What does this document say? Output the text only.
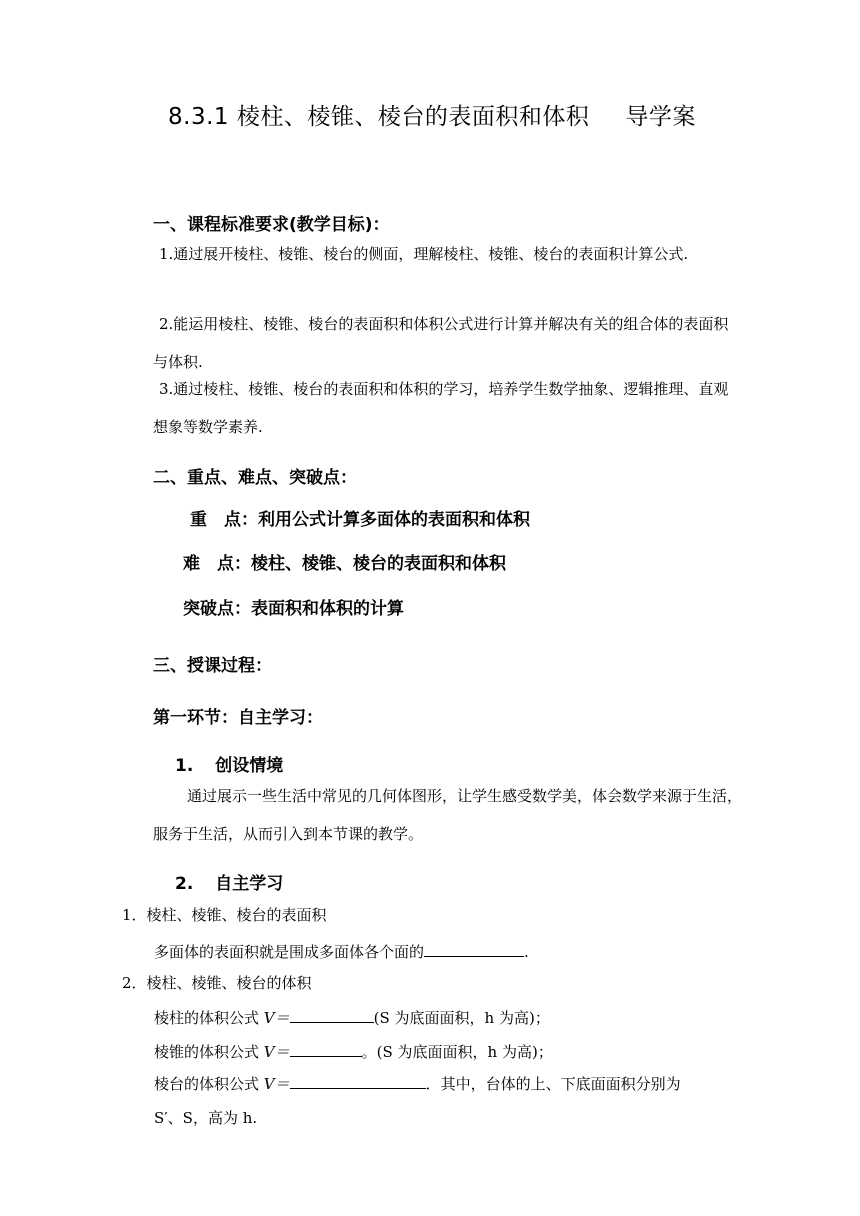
8.3.1 棱柱、棱锥、棱台的表面积和体积 导学案
一、课程标准要求(教学目标)：
1.通过展开棱柱、棱锥、棱台的侧面，理解棱柱、棱锥、棱台的表面积计算公式.
2.能运用棱柱、棱锥、棱台的表面积和体积公式进行计算并解决有关的组合体的表面积与体积.
3.通过棱柱、棱锥、棱台的表面积和体积的学习，培养学生数学抽象、逻辑推理、直观想象等数学素养.
二、重点、难点、突破点：
重　点：利用公式计算多面体的表面积和体积
难　点：棱柱、棱锥、棱台的表面积和体积
突破点：表面积和体积的计算
三、授课过程：
第一环节：自主学习：
1. 创设情境
通过展示一些生活中常见的几何体图形，让学生感受数学美，体会数学来源于生活，服务于生活，从而引入到本节课的教学。
2. 自主学习
1．棱柱、棱锥、棱台的表面积
多面体的表面积就是围成多面体各个面的	.
2．棱柱、棱锥、棱台的体积
棱柱的体积公式 V＝	(S 为底面面积，h 为高)；
棱锥的体积公式 V＝	。(S 为底面面积，h 为高)；
棱台的体积公式 V＝	．其中，台体的上、下底面面积分别为
S′、S，高为 h.
